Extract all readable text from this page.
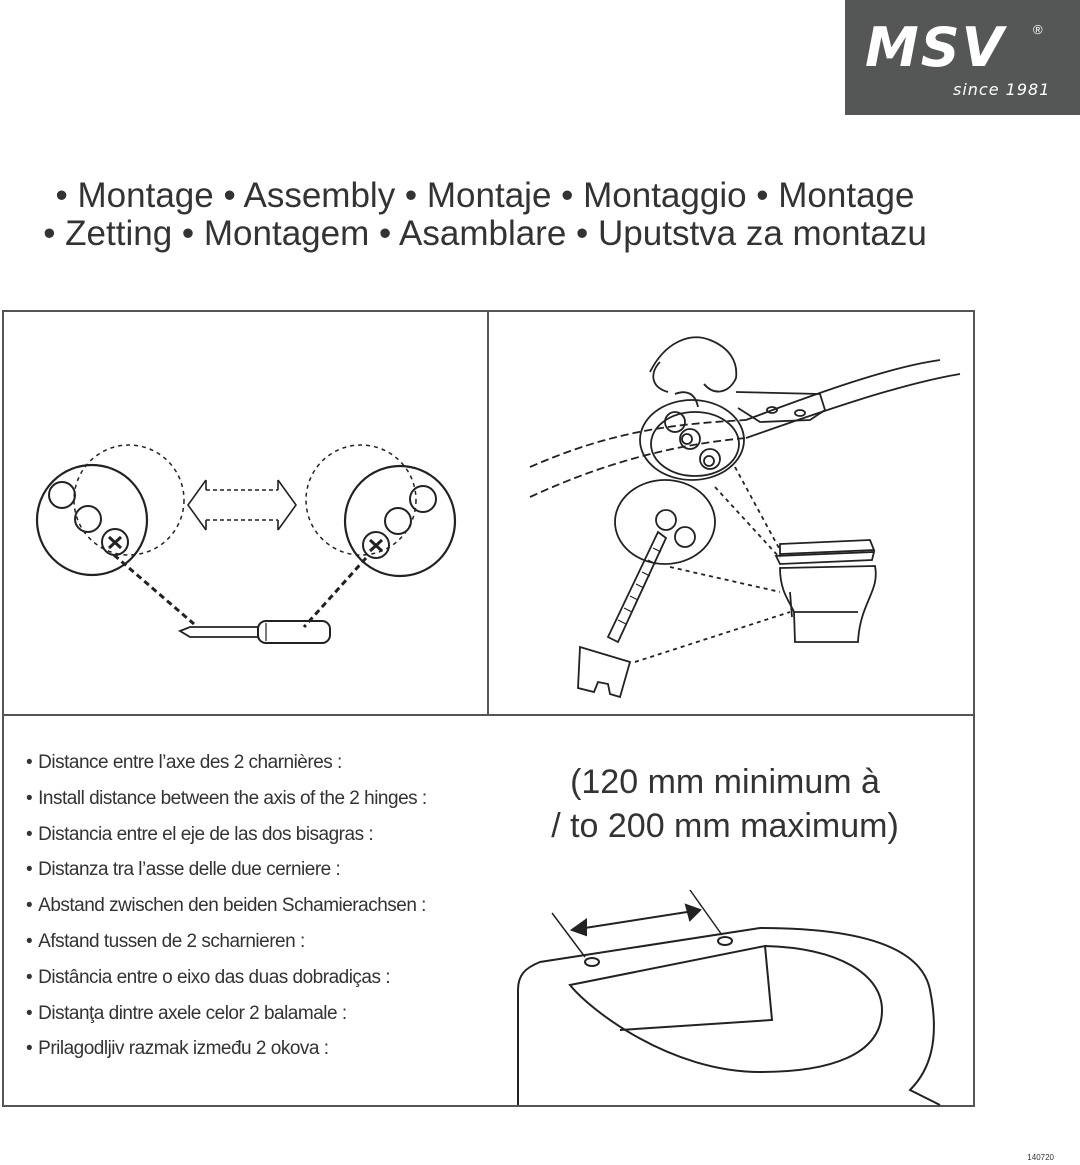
MSV ®
since 1981
• Montage • Assembly • Montaje • Montaggio • Montage
• Zetting • Montagem • Asamblare • Uputstva za montazu
• Distance entre l’axe des 2 charnières :
• Install distance between the axis of the 2 hinges :
• Distancia entre el eje de las dos bisagras :
• Distanza tra l’asse delle due cerniere :
• Abstand zwischen den beiden Schamierachsen :
• Afstand tussen de 2 scharnieren :
• Distância entre o eixo das duas dobradiças :
• Distanţa dintre axele celor 2 balamale :
• Prilagodljiv razmak između 2 okova :
(120 mm minimum à
/ to 200 mm maximum)
140720
